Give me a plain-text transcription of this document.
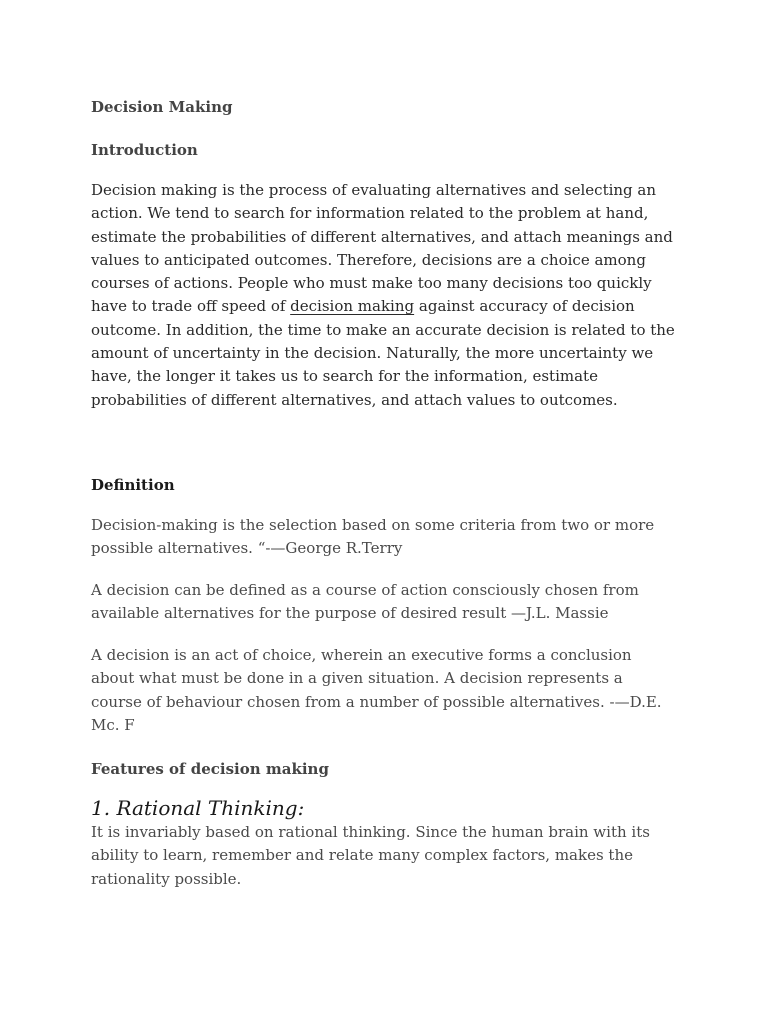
Decision Making
Introduction
Decision making is the process of evaluating alternatives and selecting an
action. We tend to search for information related to the problem at hand,
estimate the probabilities of different alternatives, and attach meanings and
values to anticipated outcomes. Therefore, decisions are a choice among
courses of actions. People who must make too many decisions too quickly
have to trade off speed of decision making against accuracy of decision
outcome. In addition, the time to make an accurate decision is related to the
amount of uncertainty in the decision. Naturally, the more uncertainty we
have, the longer it takes us to search for the information, estimate
probabilities of different alternatives, and attach values to outcomes.
Definition
Decision-making is the selection based on some criteria from two or more
possible alternatives. “-—George R.Terry
A decision can be defined as a course of action consciously chosen from
available alternatives for the purpose of desired result —J.L. Massie
A decision is an act of choice, wherein an executive forms a conclusion
about what must be done in a given situation. A decision represents a
course of behaviour chosen from a number of possible alternatives. -—D.E.
Mc. F
Features of decision making
1. Rational Thinking:
It is invariably based on rational thinking. Since the human brain with its
ability to learn, remember and relate many complex factors, makes the
rationality possible.
